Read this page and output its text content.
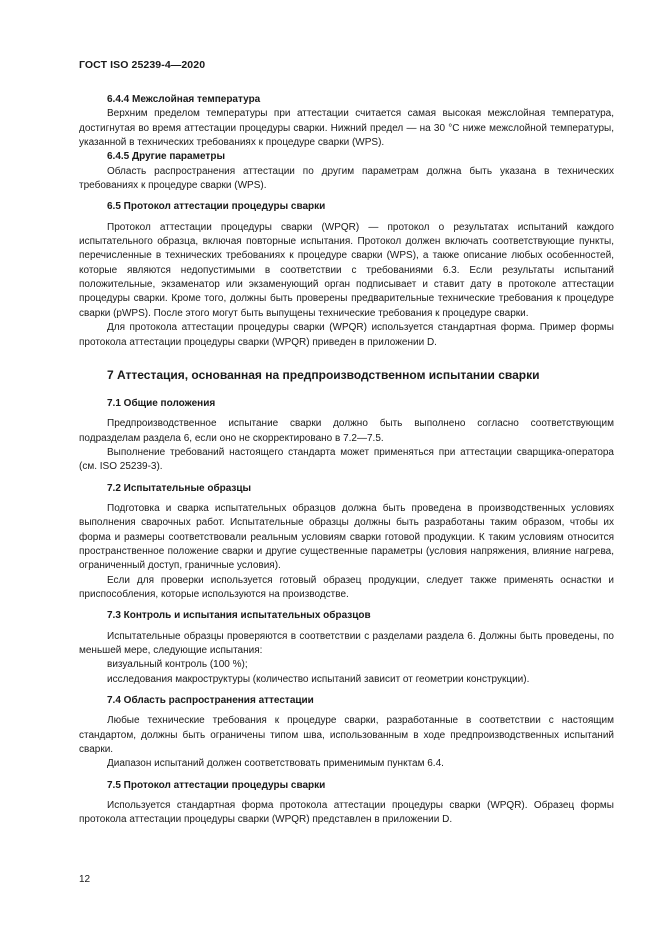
ГОСТ ISO 25239-4—2020

6.4.4 Межслойная температура

Верхним пределом температуры при аттестации считается самая высокая межслойная температура, достигнутая во время аттестации процедуры сварки. Нижний предел — на 30 °C ниже межслойной температуры, указанной в технических требованиях к процедуре сварки (WPS).

6.4.5 Другие параметры

Область распространения аттестации по другим параметрам должна быть указана в технических требованиях к процедуре сварки (WPS).

6.5 Протокол аттестации процедуры сварки

Протокол аттестации процедуры сварки (WPQR) — протокол о результатах испытаний каждого испытательного образца, включая повторные испытания. Протокол должен включать соответствующие пункты, перечисленные в технических требованиях к процедуре сварки (WPS), а также описание любых особенностей, которые являются недопустимыми в соответствии с требованиями 6.3. Если результаты испытаний положительные, экзаменатор или экзаменующий орган подписывает и ставит дату в протоколе аттестации процедуры сварки. Кроме того, должны быть проверены предварительные технические требования к процедуре сварки (pWPS). После этого могут быть выпущены технические требования к процедуре сварки.

Для протокола аттестации процедуры сварки (WPQR) используется стандартная форма. Пример формы протокола аттестации процедуры сварки (WPQR) приведен в приложении D.

7 Аттестация, основанная на предпроизводственном испытании сварки

7.1 Общие положения

Предпроизводственное испытание сварки должно быть выполнено согласно соответствующим подразделам раздела 6, если оно не скорректировано в 7.2—7.5.

Выполнение требований настоящего стандарта может применяться при аттестации сварщика-оператора (см. ISO 25239-3).

7.2 Испытательные образцы

Подготовка и сварка испытательных образцов должна быть проведена в производственных условиях выполнения сварочных работ. Испытательные образцы должны быть разработаны таким образом, чтобы их форма и размеры соответствовали реальным условиям сварки готовой продукции. К таким условиям относится пространственное положение сварки и другие существенные параметры (условия напряжения, влияние нагрева, ограниченный доступ, граничные условия).

Если для проверки используется готовый образец продукции, следует также применять оснастки и приспособления, которые используются на производстве.

7.3 Контроль и испытания испытательных образцов

Испытательные образцы проверяются в соответствии с разделами раздела 6. Должны быть проведены, по меньшей мере, следующие испытания:

визуальный контроль (100 %);

исследования макроструктуры (количество испытаний зависит от геометрии конструкции).

7.4 Область распространения аттестации

Любые технические требования к процедуре сварки, разработанные в соответствии с настоящим стандартом, должны быть ограничены типом шва, использованным в ходе предпроизводственных испытаний сварки.

Диапазон испытаний должен соответствовать применимым пунктам 6.4.

7.5 Протокол аттестации процедуры сварки

Используется стандартная форма протокола аттестации процедуры сварки (WPQR). Образец формы протокола аттестации процедуры сварки (WPQR) представлен в приложении D.

12
